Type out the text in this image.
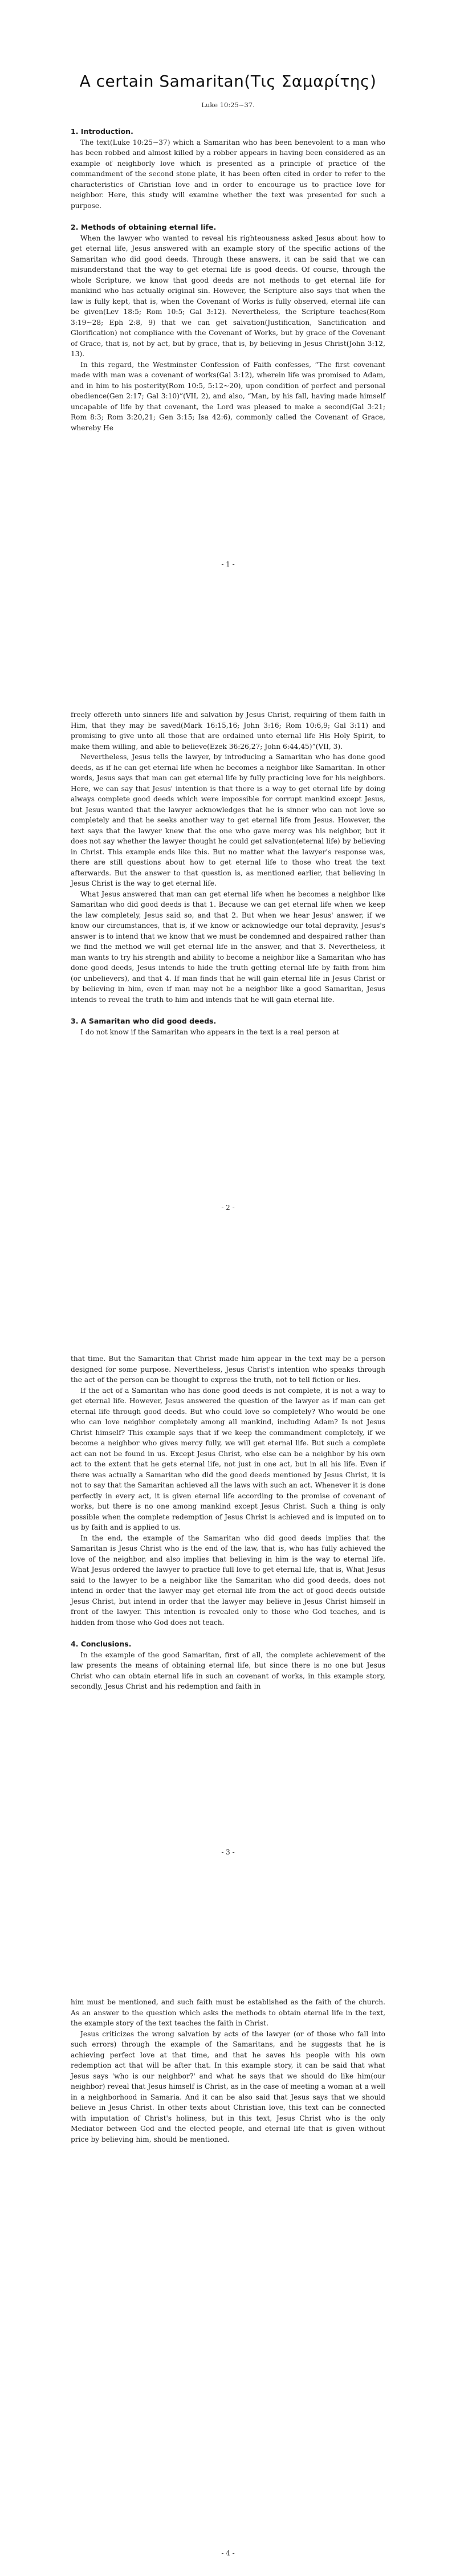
A certain Samaritan(Τις Σαμαρίτης)
Luke 10:25~37.

1. Introduction.

The text(Luke 10:25~37) which a Samaritan who has been benevolent to a man who has been robbed and almost killed by a robber appears in having been considered as an example of neighborly love which is presented as a principle of practice of the commandment of the second stone plate, it has been often cited in order to refer to the characteristics of Christian love and in order to encourage us to practice love for neighbor. Here, this study will examine whether the text was presented for such a purpose.

2. Methods of obtaining eternal life.

When the lawyer who wanted to reveal his righteousness asked Jesus about how to get eternal life, Jesus answered with an example story of the specific actions of the Samaritan who did good deeds. Through these answers, it can be said that we can misunderstand that the way to get eternal life is good deeds. Of course, through the whole Scripture, we know that good deeds are not methods to get eternal life for mankind who has actually original sin. However, the Scripture also says that when the law is fully kept, that is, when the Covenant of Works is fully observed, eternal life can be given(Lev 18:5; Rom 10:5; Gal 3:12). Nevertheless, the Scripture teaches(Rom 3:19~28; Eph 2:8, 9) that we can get salvation(Justification, Sanctification and Glorification) not compliance with the Covenant of Works, but by grace of the Covenant of Grace, that is, not by act, but by grace, that is, by believing in Jesus Christ(John 3:12, 13).

In this regard, the Westminster Confession of Faith confesses, “The first covenant made with man was a covenant of works(Gal 3:12), wherein life was promised to Adam, and in him to his posterity(Rom 10:5, 5:12~20), upon condition of perfect and personal obedience(Gen 2:17; Gal 3:10)”(VII, 2), and also, “Man, by his fall, having made himself uncapable of life by that covenant, the Lord was pleased to make a second(Gal 3:21; Rom 8:3; Rom 3:20,21; Gen 3:15; Isa 42:6), commonly called the Covenant of Grace, whereby He

- 1 -

freely offereth unto sinners life and salvation by Jesus Christ, requiring of them faith in Him, that they may be saved(Mark 16:15,16; John 3:16; Rom 10:6,9; Gal 3:11) and promising to give unto all those that are ordained unto eternal life His Holy Spirit, to make them willing, and able to believe(Ezek 36:26,27; John 6:44,45)”(VII, 3).

Nevertheless, Jesus tells the lawyer, by introducing a Samaritan who has done good deeds, as if he can get eternal life when he becomes a neighbor like Samaritan. In other words, Jesus says that man can get eternal life by fully practicing love for his neighbors. Here, we can say that Jesus' intention is that there is a way to get eternal life by doing always complete good deeds which were impossible for corrupt mankind except Jesus, but Jesus wanted that the lawyer acknowledges that he is sinner who can not love so completely and that he seeks another way to get eternal life from Jesus. However, the text says that the lawyer knew that the one who gave mercy was his neighbor, but it does not say whether the lawyer thought he could get salvation(eternal life) by believing in Christ. This example ends like this. But no matter what the lawyer's response was, there are still questions about how to get eternal life to those who treat the text afterwards. But the answer to that question is, as mentioned earlier, that believing in Jesus Christ is the way to get eternal life.

What Jesus answered that man can get eternal life when he becomes a neighbor like Samaritan who did good deeds is that 1. Because we can get eternal life when we keep the law completely, Jesus said so, and that 2. But when we hear Jesus' answer, if we know our circumstances, that is, if we know or acknowledge our total depravity, Jesus's answer is to intend that we know that we must be condemned and despaired rather than we find the method we will get eternal life in the answer, and that 3. Nevertheless, it man wants to try his strength and ability to become a neighbor like a Samaritan who has done good deeds, Jesus intends to hide the truth getting eternal life by faith from him (or unbelievers), and that 4. If man finds that he will gain eternal life in Jesus Christ or by believing in him, even if man may not be a neighbor like a good Samaritan, Jesus intends to reveal the truth to him and intends that he will gain eternal life.

3. A Samaritan who did good deeds.

I do not know if the Samaritan who appears in the text is a real person at

- 2 -

that time. But the Samaritan that Christ made him appear in the text may be a person designed for some purpose. Nevertheless, Jesus Christ's intention who speaks through the act of the person can be thought to express the truth, not to tell fiction or lies.

If the act of a Samaritan who has done good deeds is not complete, it is not a way to get eternal life. However, Jesus answered the question of the lawyer as if man can get eternal life through good deeds. But who could love so completely? Who would be one who can love neighbor completely among all mankind, including Adam? Is not Jesus Christ himself? This example says that if we keep the commandment completely, if we become a neighbor who gives mercy fully, we will get eternal life. But such a complete act can not be found in us. Except Jesus Christ, who else can be a neighbor by his own act to the extent that he gets eternal life, not just in one act, but in all his life. Even if there was actually a Samaritan who did the good deeds mentioned by Jesus Christ, it is not to say that the Samaritan achieved all the laws with such an act. Whenever it is done perfectly in every act, it is given eternal life according to the promise of covenant of works, but there is no one among mankind except Jesus Christ. Such a thing is only possible when the complete redemption of Jesus Christ is achieved and is imputed on to us by faith and is applied to us.

In the end, the example of the Samaritan who did good deeds implies that the Samaritan is Jesus Christ who is the end of the law, that is, who has fully achieved the love of the neighbor, and also implies that believing in him is the way to eternal life. What Jesus ordered the lawyer to practice full love to get eternal life, that is, What Jesus said to the lawyer to be a neighbor like the Samaritan who did good deeds, does not intend in order that the lawyer may get eternal life from the act of good deeds outside Jesus Christ, but intend in order that the lawyer may believe in Jesus Christ himself in front of the lawyer. This intention is revealed only to those who God teaches, and is hidden from those who God does not teach.

4. Conclusions.

In the example of the good Samaritan, first of all, the complete achievement of the law presents the means of obtaining eternal life, but since there is no one but Jesus Christ who can obtain eternal life in such an covenant of works, in this example story, secondly, Jesus Christ and his redemption and faith in

- 3 -

him must be mentioned, and such faith must be established as the faith of the church. As an answer to the question which asks the methods to obtain eternal life in the text, the example story of the text teaches the faith in Christ.

Jesus criticizes the wrong salvation by acts of the lawyer (or of those who fall into such errors) through the example of the Samaritans, and he suggests that he is achieving perfect love at that time, and that he saves his people with his own redemption act that will be after that. In this example story, it can be said that what Jesus says 'who is our neighbor?' and what he says that we should do like him(our neighbor) reveal that Jesus himself is Christ, as in the case of meeting a woman at a well in a neighborhood in Samaria. And it can be also said that Jesus says that we should believe in Jesus Christ. In other texts about Christian love, this text can be connected with imputation of Christ's holiness, but in this text, Jesus Christ who is the only Mediator between God and the elected people, and eternal life that is given without price by believing him, should be mentioned.

- 4 -
